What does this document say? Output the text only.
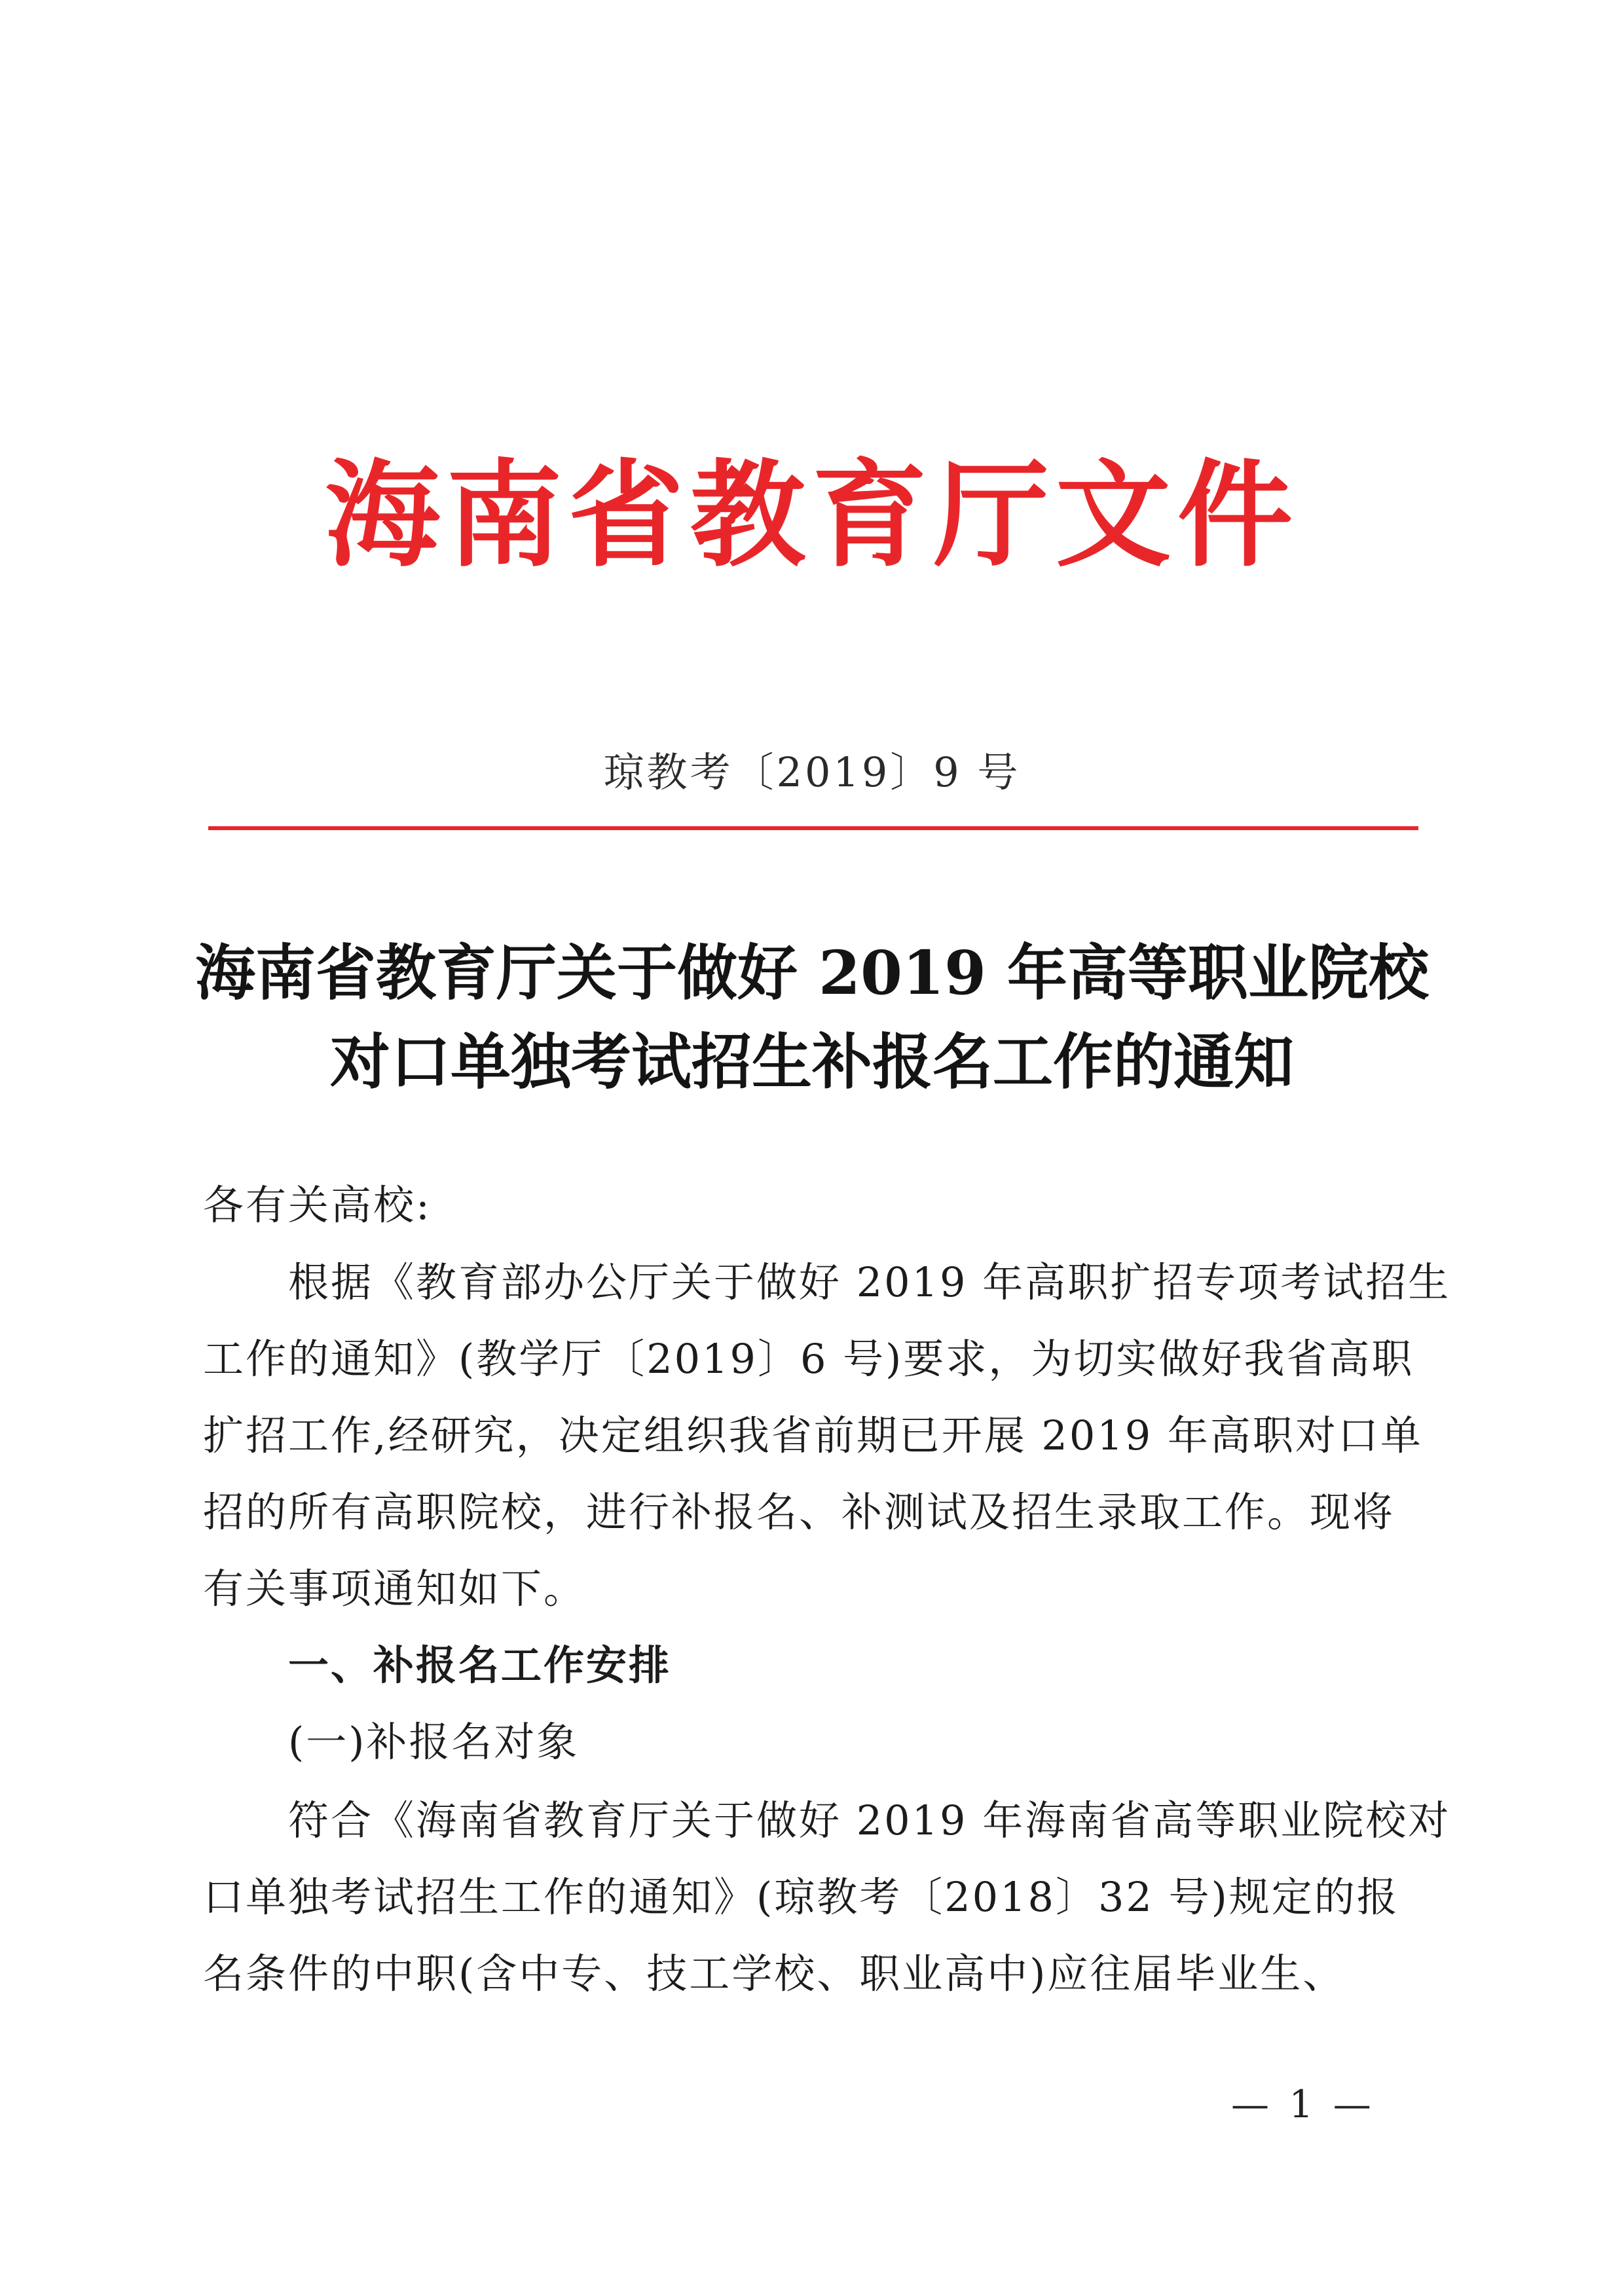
海南省教育厅文件
琼教考〔2019〕9 号
海南省教育厅关于做好 2019 年高等职业院校
对口单独考试招生补报名工作的通知
各有关高校:
根据《教育部办公厅关于做好 2019 年高职扩招专项考试招生
工作的通知》(教学厅〔2019〕6 号)要求，为切实做好我省高职
扩招工作,经研究，决定组织我省前期已开展 2019 年高职对口单
招的所有高职院校，进行补报名、补测试及招生录取工作。现将
有关事项通知如下。
一、补报名工作安排
(一)补报名对象
符合《海南省教育厅关于做好 2019 年海南省高等职业院校对
口单独考试招生工作的通知》(琼教考〔2018〕32 号)规定的报
名条件的中职(含中专、技工学校、职业高中)应往届毕业生、
— 1 —
